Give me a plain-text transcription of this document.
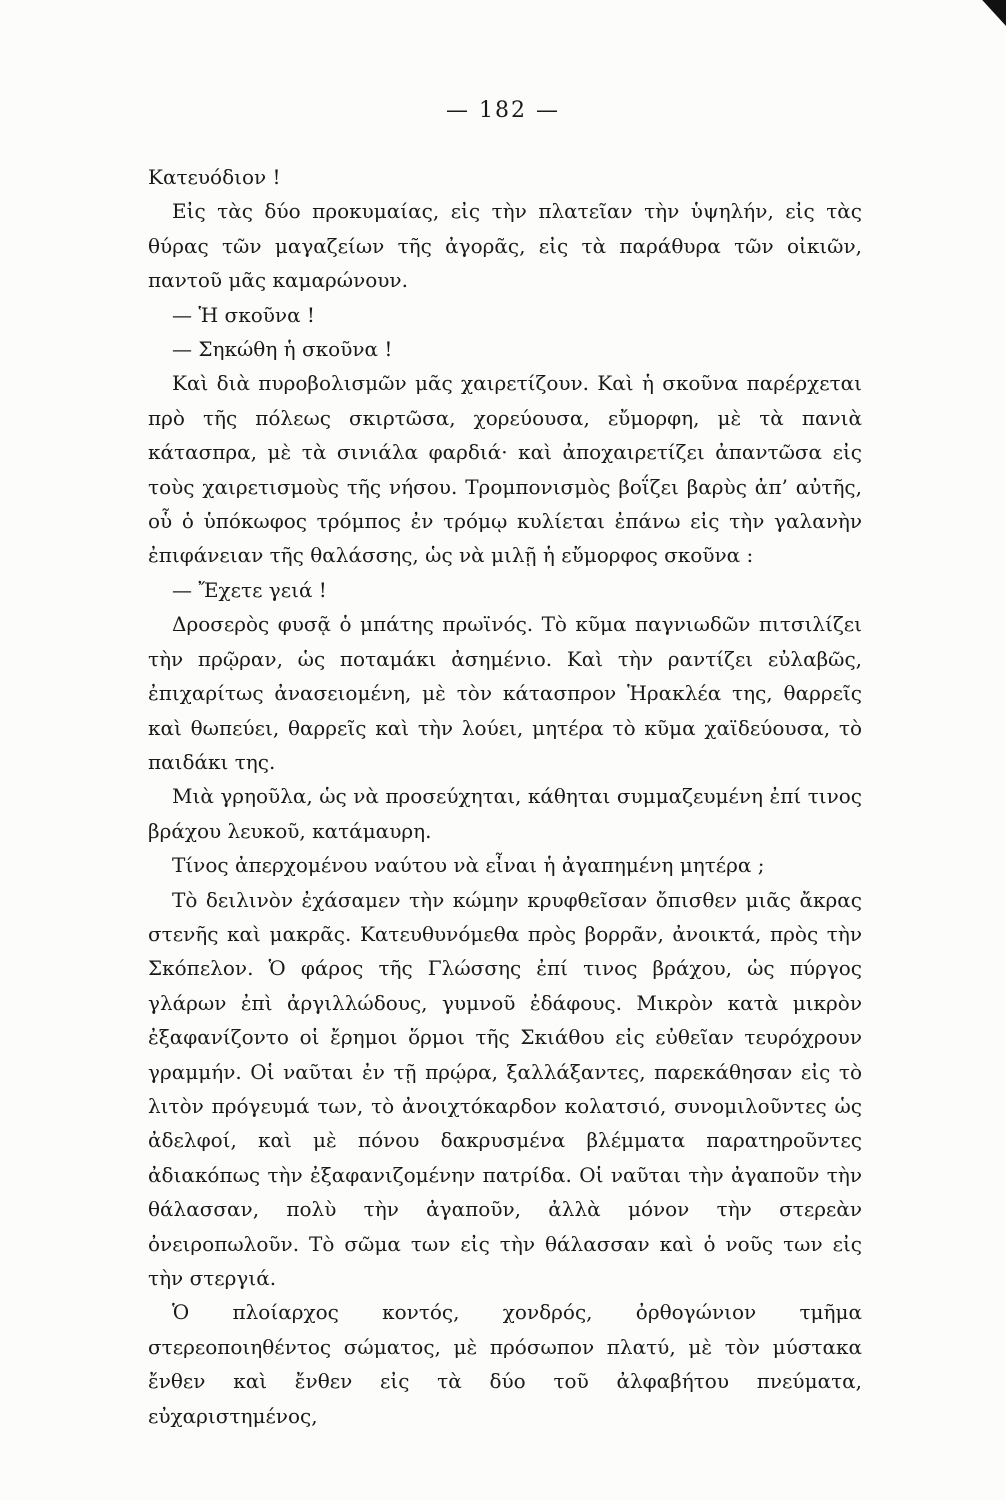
— 182 —

Κατευόδιον !

Εἰς τὰς δύο προκυμαίας, εἰς τὴν πλατεῖαν τὴν ὑψηλήν, εἰς τὰς θύρας τῶν μαγαζείων τῆς ἀγορᾶς, εἰς τὰ παράθυρα τῶν οἰκιῶν, παντοῦ μᾶς καμαρώνουν.

— Ἡ σκοῦνα !

— Σηκώθη ἡ σκοῦνα !

Καὶ διὰ πυροβολισμῶν μᾶς χαιρετίζουν. Καὶ ἡ σκοῦνα παρέρχεται πρὸ τῆς πόλεως σκιρτῶσα, χορεύουσα, εὔμορφη, μὲ τὰ πανιὰ κάτασπρα, μὲ τὰ σινιάλα φαρδιά· καὶ ἀποχαιρετίζει ἀπαντῶσα εἰς τοὺς χαιρετισμοὺς τῆς νήσου. Τρομπονισμὸς βοΐζει βαρὺς ἀπ’ αὐτῆς, οὗ ὁ ὑπόκωφος τρόμπος ἐν τρόμῳ κυλίεται ἐπάνω εἰς τὴν γαλανὴν ἐπιφάνειαν τῆς θαλάσσης, ὡς νὰ μιλῇ ἡ εὔμορφος σκοῦνα :

— Ἔχετε γειά !

Δροσερὸς φυσᾷ ὁ μπάτης πρωϊνός. Τὸ κῦμα παγνιωδῶν πιτσιλίζει τὴν πρῷραν, ὡς ποταμάκι ἀσημένιο. Καὶ τὴν ραντίζει εὐλαβῶς, ἐπιχαρίτως ἀνασειομένη, μὲ τὸν κάτασπρον Ἡρακλέα της, θαρρεῖς καὶ θωπεύει, θαρρεῖς καὶ τὴν λούει, μητέρα τὸ κῦμα χαϊδεύουσα, τὸ παιδάκι της.

Μιὰ γρηοῦλα, ὡς νὰ προσεύχηται, κάθηται συμμαζευμένη ἐπί τινος βράχου λευκοῦ, κατάμαυρη.

Τίνος ἀπερχομένου ναύτου νὰ εἶναι ἡ ἀγαπημένη μητέρα ;

Τὸ δειλινὸν ἐχάσαμεν τὴν κώμην κρυφθεῖσαν ὄπισθεν μιᾶς ἄκρας στενῆς καὶ μακρᾶς. Κατευθυνόμεθα πρὸς βορρᾶν, ἀνοικτά, πρὸς τὴν Σκόπελον. Ὁ φάρος τῆς Γλώσσης ἐπί τινος βράχου, ὡς πύργος γλάρων ἐπὶ ἀργιλλώδους, γυμνοῦ ἐδάφους. Μικρὸν κατὰ μικρὸν ἐξαφανίζοντο οἱ ἔρημοι ὅρμοι τῆς Σκιάθου εἰς εὐθεῖαν τευρόχρουν γραμμήν. Οἱ ναῦται ἐν τῇ πρῴρα, ξαλλάξαντες, παρεκάθησαν εἰς τὸ λιτὸν πρόγευμά των, τὸ ἀνοιχτόκαρδον κολατσιό, συνομιλοῦντες ὡς ἀδελφοί, καὶ μὲ πόνου δακρυσμένα βλέμματα παρατηροῦντες ἀδιακόπως τὴν ἐξαφανιζομένην πατρίδα. Οἱ ναῦται τὴν ἀγαποῦν τὴν θάλασσαν, πολὺ τὴν ἀγαποῦν, ἀλλὰ μόνον τὴν στερεὰν ὀνειροπωλοῦν. Τὸ σῶμα των εἰς τὴν θάλασσαν καὶ ὁ νοῦς των εἰς τὴν στεργιά.

Ὁ πλοίαρχος κοντός, χονδρός, ὀρθογώνιον τμῆμα στερεοποιηθέντος σώματος, μὲ πρόσωπον πλατύ, μὲ τὸν μύστακα ἔνθεν καὶ ἔνθεν εἰς τὰ δύο τοῦ ἀλφαβήτου πνεύματα, εὐχαριστημένος,
